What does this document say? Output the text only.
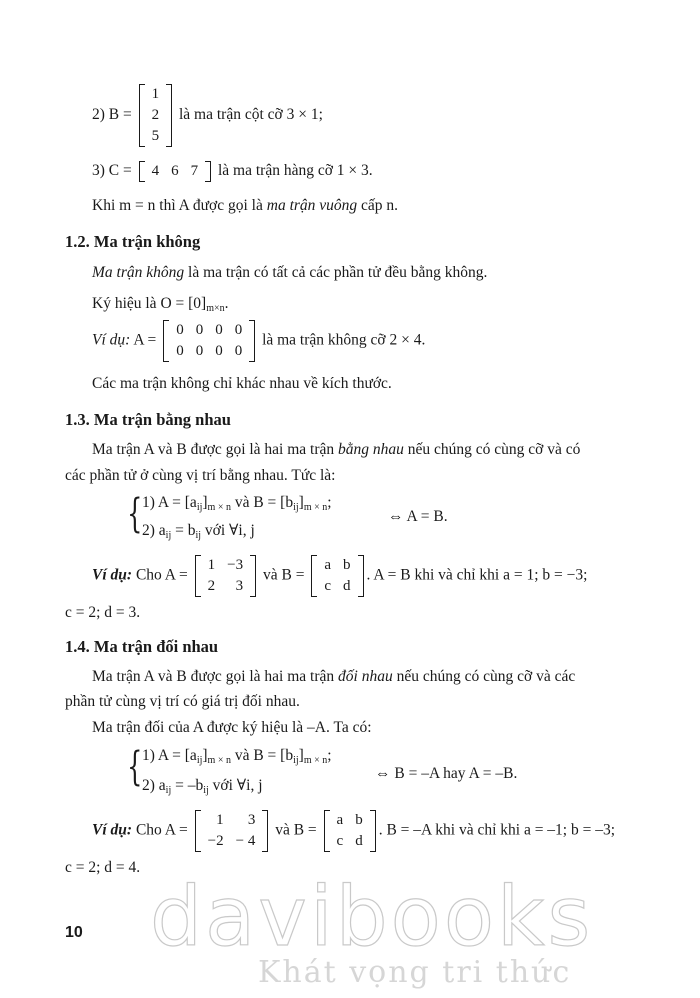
2) B =
1
2
5
là ma trận cột cỡ 3 × 1;
3) C = 4	6	7 là ma trận hàng cỡ 1 × 3.
Khi m = n thì A được gọi là ma trận vuông cấp n.
1.2. Ma trận không
Ma trận không là ma trận có tất cả các phần tử đều bằng không.
Ký hiệu là $O = [0]_{m\times n}$.
Ví dụ: A =
0	0	0	0
0	0	0	0
là ma trận không cỡ 2 × 4.
Các ma trận không chỉ khác nhau về kích thước.
1.3. Ma trận bằng nhau
Ma trận A và B được gọi là hai ma trận bằng nhau nếu chúng có cùng cỡ và có
các phần tử ở cùng vị trí bằng nhau. Tức là:
{ 1) $A = [a_{ij}]_{m \times n}$ và $B = [b_{ij}]_{m \times n}$;
2) $a_{ij} = b_{ij}$ với ∀i, j
⇔ A = B.
Ví dụ: Cho A =
1	−3
2	3
và B =
a	b
c	d
. A = B khi và chỉ khi a = 1; b = −3;
c = 2; d = 3.
1.4. Ma trận đối nhau
Ma trận A và B được gọi là hai ma trận đối nhau nếu chúng có cùng cỡ và các
phần tử cùng vị trí có giá trị đối nhau.
Ma trận đối của A được ký hiệu là –A. Ta có:
{ 1) $A = [a_{ij}]_{m \times n}$ và $B = [b_{ij}]_{m \times n}$;
2) $a_{ij} = -b_{ij}$ với ∀i, j
⇔ B = –A hay A = –B.
Ví dụ: Cho A =
1	3
−2	− 4
và B =
a	b
c	d
. B = –A khi và chỉ khi a = –1; b = –3;
c = 2; d = 4.
davibooks
Khát vọng tri thức
10
